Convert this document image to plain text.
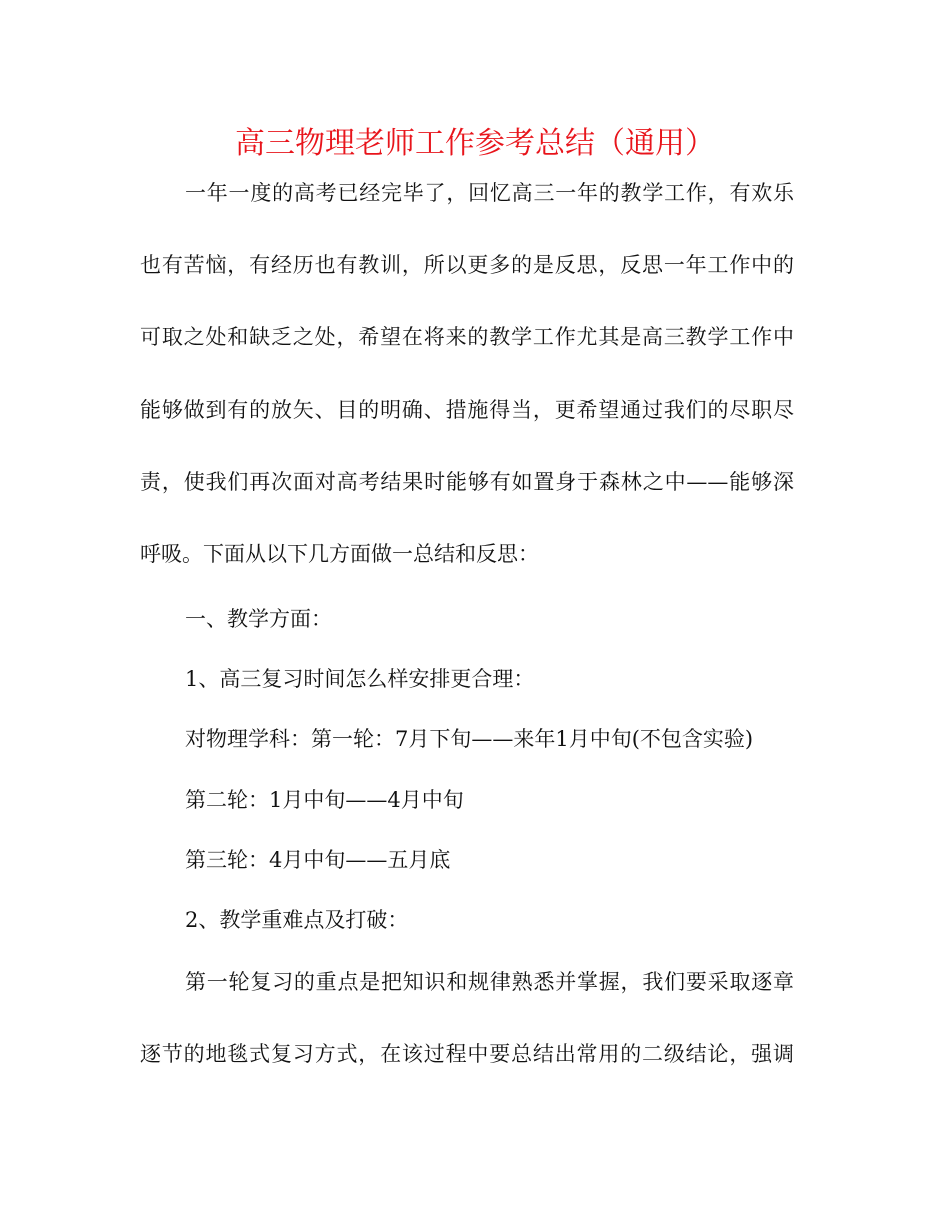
高三物理老师工作参考总结（通用）
一年一度的高考已经完毕了，回忆高三一年的教学工作，有欢乐
也有苦恼，有经历也有教训，所以更多的是反思，反思一年工作中的
可取之处和缺乏之处，希望在将来的教学工作尤其是高三教学工作中
能够做到有的放矢、目的明确、措施得当，更希望通过我们的尽职尽
责，使我们再次面对高考结果时能够有如置身于森林之中——能够深
呼吸。下面从以下几方面做一总结和反思：
一、教学方面：
1、高三复习时间怎么样安排更合理：
对物理学科：第一轮：7月下旬——来年1月中旬(不包含实验)
第二轮：1月中旬——4月中旬
第三轮：4月中旬——五月底
2、教学重难点及打破：
第一轮复习的重点是把知识和规律熟悉并掌握，我们要采取逐章
逐节的地毯式复习方式，在该过程中要总结出常用的二级结论，强调
